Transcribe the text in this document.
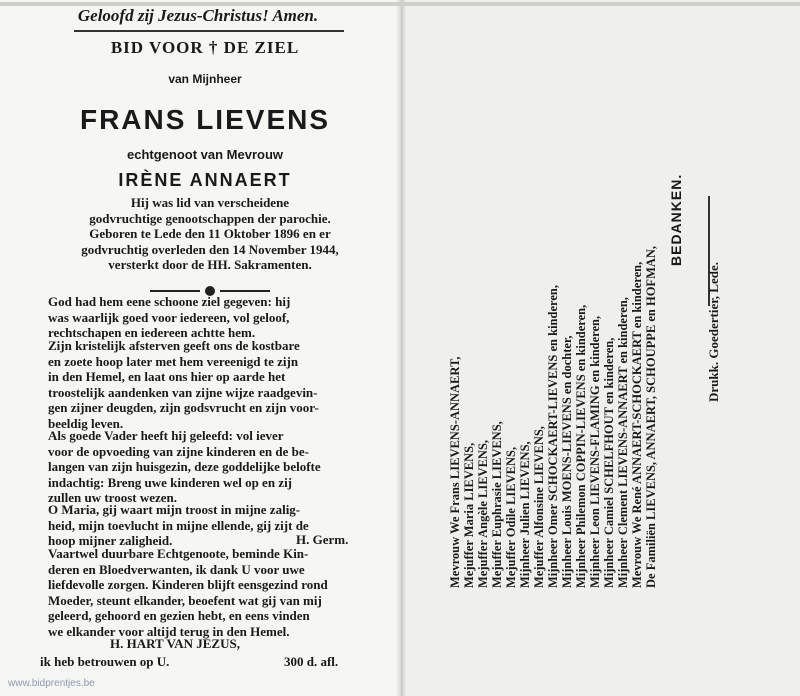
Geloofd zij Jezus-Christus! Amen.
BID VOOR † DE ZIEL
van Mijnheer
FRANS LIEVENS
echtgenoot van Mevrouw
IRÈNE ANNAERT
Hij was lid van verscheidene
godvruchtige genootschappen der parochie.
Geboren te Lede den 11 Oktober 1896 en er
godvruchtig overleden den 14 November 1944,
versterkt door de HH. Sakramenten.
God had hem eene schoone ziel gegeven: hij
was waarlijk goed voor iedereen, vol geloof,
rechtschapen en iedereen achtte hem.
Zijn kristelijk afsterven geeft ons de kostbare
en zoete hoop later met hem vereenigd te zijn
in den Hemel, en laat ons hier op aarde het
troostelijk aandenken van zijne wijze raadgevin-
gen zijner deugden, zijn godsvrucht en zijn voor-
beeldig leven.
Als goede Vader heeft hij geleefd: vol iever
voor de opvoeding van zijne kinderen en de be-
langen van zijn huisgezin, deze goddelijke belofte
indachtig: Breng uwe kinderen wel op en zij
zullen uw troost wezen.
O Maria, gij waart mijn troost in mijne zalig-
heid, mijn toevlucht in mijne ellende, gij zijt de
hoop mijner zaligheid.	H. Germ.
Vaartwel duurbare Echtgenoote, beminde Kin-
deren en Bloedverwanten, ik dank U voor uwe
liefdevolle zorgen. Kinderen blijft eensgezind rond
Moeder, steunt elkander, beoefent wat gij van mij
geleerd, gehoord en gezien hebt, en eens vinden
we elkander voor altijd terug in den Hemel.
H. HART VAN JEZUS,
ik heb betrouwen op U.	300 d. afl.
www.bidprentjes.be
Mevrouw We Frans LIEVENS-ANNAERT, Mejuffer Maria LIEVENS, Mejuffer Angèle LIEVENS, Mejuffer Euphrasie LIEVENS, Mejuffer Odile LIEVENS, Mijnheer Julien LIEVENS, Mejuffer Alfonsine LIEVENS, Mijnheer Omer SCHOCKAERT-LIEVENS en kinderen, Mijnheer Louis MOENS-LIEVENS en dochter, Mijnheer Philemon COPPIN-LIEVENS en kinderen, Mijnheer Leon LIEVENS-FLAMING en kinderen, Mijnheer Camiel SCHELFHOUT en kinderen, Mijnheer Clement LIEVENS-ANNAERT en kinderen, Mevrouw We René ANNAERT-SCHOCKAERT en kinderen, De Familiën LIEVENS, ANNAERT, SCHOUPPE en HOFMAN,
BEDANKEN.
Drukk. Goedertier, Lede.
